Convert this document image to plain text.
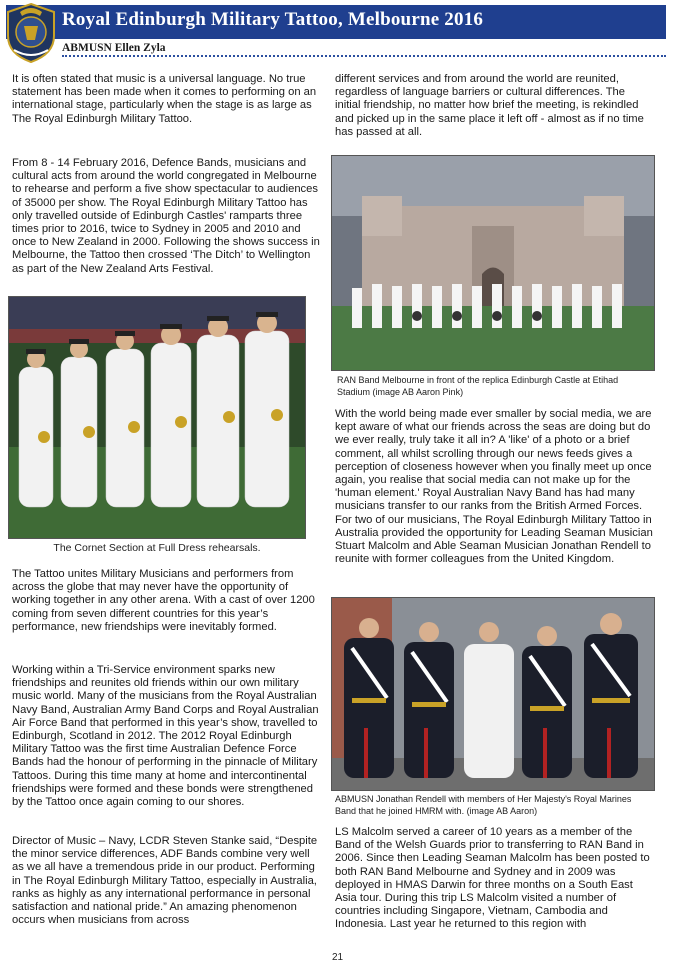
Royal Edinburgh Military Tattoo, Melbourne 2016
ABMUSN Ellen Zyla

It is often stated that music is a universal language. No true statement has been made when it comes to performing on an international stage, particularly when the stage is as large as The Royal Edinburgh Military Tattoo.

From 8 - 14 February 2016, Defence Bands, musicians and cultural acts from around the world congregated in Melbourne to rehearse and perform a five show spectacular to audiences of 35000 per show. The Royal Edinburgh Military Tattoo has only travelled outside of Edinburgh Castles' ramparts three times prior to 2016, twice to Sydney in 2005 and 2010 and once to New Zealand in 2000. Following the shows success in Melbourne, the Tattoo then crossed ‘The Ditch’ to Wellington as part of the New Zealand Arts Festival.

The Cornet Section at Full Dress rehearsals.

The Tattoo unites Military Musicians and performers from across the globe that may never have the opportunity of working together in any other arena. With a cast of over 1200 coming from seven different countries for this year’s performance, new friendships were inevitably formed.

Working within a Tri-Service environment sparks new friendships and reunites old friends within our own military music world. Many of the musicians from the Royal Australian Navy Band, Australian Army Band Corps and Royal Australian Air Force Band that performed in this year’s show, travelled to Edinburgh, Scotland in 2012. The 2012 Royal Edinburgh Military Tattoo was the first time Australian Defence Force Bands had the honour of performing in the pinnacle of Military Tattoos. During this time many at home and intercontinental friendships were formed and these bonds were strengthened by the Tattoo once again coming to our shores.

Director of Music – Navy, LCDR Steven Stanke said, “Despite the minor service differences, ADF Bands combine very well as we all have a tremendous pride in our product. Performing in The Royal Edinburgh Military Tattoo, especially in Australia, ranks as highly as any international performance in personal satisfaction and national pride.” An amazing phenomenon occurs when musicians from across

different services and from around the world are reunited, regardless of language barriers or cultural differences. The initial friendship, no matter how brief the meeting, is rekindled and picked up in the same place it left off - almost as if no time has passed at all.

RAN Band Melbourne in front of the replica Edinburgh Castle at Etihad Stadium (image AB Aaron Pink)

With the world being made ever smaller by social media, we are kept aware of what our friends across the seas are doing but do we ever really, truly take it all in? A 'like' of a photo or a brief comment, all whilst scrolling through our news feeds gives a perception of closeness however when you finally meet up once again, you realise that social media can not make up for the 'human element.' Royal Australian Navy Band has had many musicians transfer to our ranks from the British Armed Forces. For two of our musicians, The Royal Edinburgh Military Tattoo in Australia provided the opportunity for Leading Seaman Musician Stuart Malcolm and Able Seaman Musician Jonathan Rendell to reunite with former colleagues from the United Kingdom.

ABMUSN Jonathan Rendell with members of Her Majesty's Royal Marines Band that he joined HMRM with. (image AB Aaron)

LS Malcolm served a career of 10 years as a member of the Band of the Welsh Guards prior to transferring to RAN Band in 2006. Since then Leading Seaman Malcolm has been posted to both RAN Band Melbourne and Sydney and in 2009 was deployed in HMAS Darwin for three months on a South East Asia tour. During this trip LS Malcolm visited a number of countries including Singapore, Vietnam, Cambodia and Indonesia. Last year he returned to this region with

21
